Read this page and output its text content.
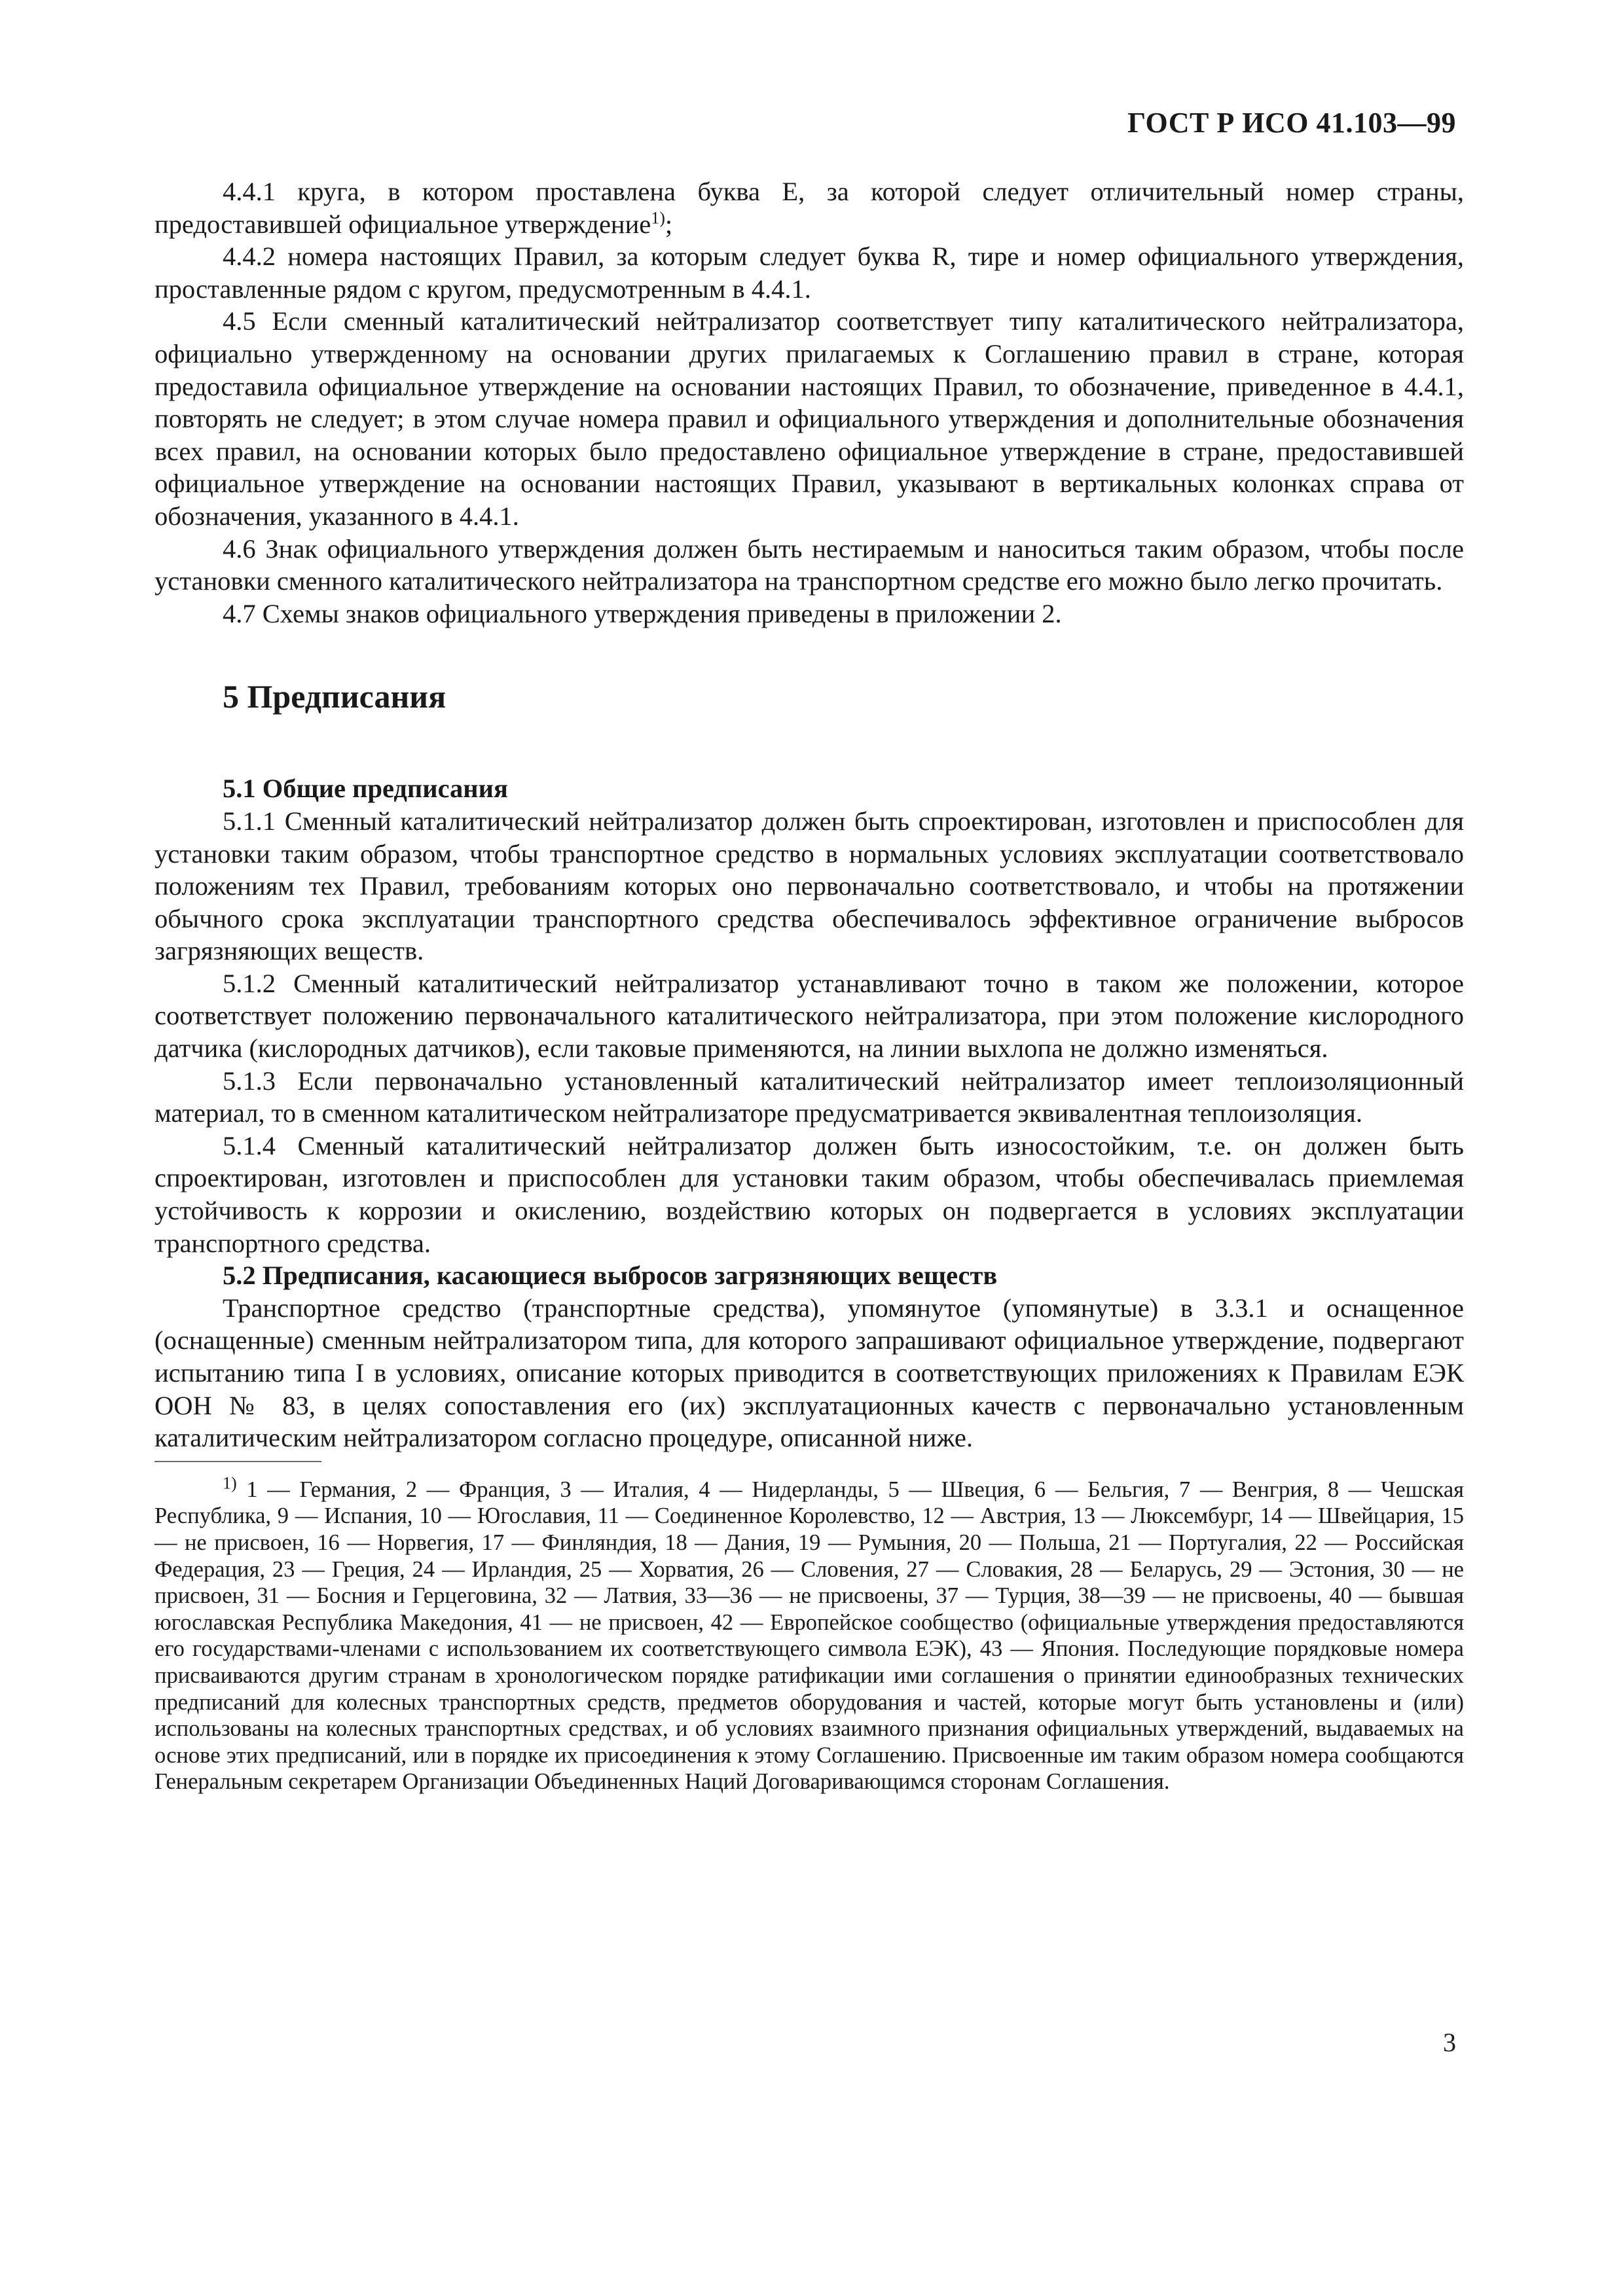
ГОСТ Р ИСО 41.103—99

4.4.1 круга, в котором проставлена буква Е, за которой следует отличительный номер страны, предоставившей официальное утверждение$^{1)}$;

4.4.2 номера настоящих Правил, за которым следует буква R, тире и номер официального утверждения, проставленные рядом с кругом, предусмотренным в 4.4.1.

4.5 Если сменный каталитический нейтрализатор соответствует типу каталитического нейтрализатора, официально утвержденному на основании других прилагаемых к Соглашению правил в стране, которая предоставила официальное утверждение на основании настоящих Правил, то обозначение, приведенное в 4.4.1, повторять не следует; в этом случае номера правил и официального утверждения и дополнительные обозначения всех правил, на основании которых было предоставлено официальное утверждение в стране, предоставившей официальное утверждение на основании настоящих Правил, указывают в вертикальных колонках справа от обозначения, указанного в 4.4.1.

4.6 Знак официального утверждения должен быть нестираемым и наноситься таким образом, чтобы после установки сменного каталитического нейтрализатора на транспортном средстве его можно было легко прочитать.

4.7 Схемы знаков официального утверждения приведены в приложении 2.

5 Предписания
5.1 Общие предписания

5.1.1 Сменный каталитический нейтрализатор должен быть спроектирован, изготовлен и приспособлен для установки таким образом, чтобы транспортное средство в нормальных условиях эксплуатации соответствовало положениям тех Правил, требованиям которых оно первоначально соответствовало, и чтобы на протяжении обычного срока эксплуатации транспортного средства обеспечивалось эффективное ограничение выбросов загрязняющих веществ.

5.1.2 Сменный каталитический нейтрализатор устанавливают точно в таком же положении, которое соответствует положению первоначального каталитического нейтрализатора, при этом положение кислородного датчика (кислородных датчиков), если таковые применяются, на линии выхлопа не должно изменяться.

5.1.3 Если первоначально установленный каталитический нейтрализатор имеет теплоизоляционный материал, то в сменном каталитическом нейтрализаторе предусматривается эквивалентная теплоизоляция.

5.1.4 Сменный каталитический нейтрализатор должен быть износостойким, т.е. он должен быть спроектирован, изготовлен и приспособлен для установки таким образом, чтобы обеспечивалась приемлемая устойчивость к коррозии и окислению, воздействию которых он подвергается в условиях эксплуатации транспортного средства.

5.2 Предписания, касающиеся выбросов загрязняющих веществ

Транспортное средство (транспортные средства), упомянутое (упомянутые) в 3.3.1 и оснащенное (оснащенные) сменным нейтрализатором типа, для которого запрашивают официальное утверждение, подвергают испытанию типа I в условиях, описание которых приводится в соответствующих приложениях к Правилам ЕЭК ООН № 83, в целях сопоставления его (их) эксплуатационных качеств с первоначально установленным каталитическим нейтрализатором согласно процедуре, описанной ниже.

$^{1)}$ 1 — Германия, 2 — Франция, 3 — Италия, 4 — Нидерланды, 5 — Швеция, 6 — Бельгия, 7 — Венгрия, 8 — Чешская Республика, 9 — Испания, 10 — Югославия, 11 — Соединенное Королевство, 12 — Австрия, 13 — Люксембург, 14 — Швейцария, 15 — не присвоен, 16 — Норвегия, 17 — Финляндия, 18 — Дания, 19 — Румыния, 20 — Польша, 21 — Португалия, 22 — Российская Федерация, 23 — Греция, 24 — Ирландия, 25 — Хорватия, 26 — Словения, 27 — Словакия, 28 — Беларусь, 29 — Эстония, 30 — не присвоен, 31 — Босния и Герцеговина, 32 — Латвия, 33—36 — не присвоены, 37 — Турция, 38—39 — не присвоены, 40 — бывшая югославская Республика Македония, 41 — не присвоен, 42 — Европейское сообщество (официальные утверждения предоставляются его государствами-членами с использованием их соответствующего символа ЕЭК), 43 — Япония. Последующие порядковые номера присваиваются другим странам в хронологическом порядке ратификации ими соглашения о принятии единообразных технических предписаний для колесных транспортных средств, предметов оборудования и частей, которые могут быть установлены и (или) использованы на колесных транспортных средствах, и об условиях взаимного признания официальных утверждений, выдаваемых на основе этих предписаний, или в порядке их присоединения к этому Соглашению. Присвоенные им таким образом номера сообщаются Генеральным секретарем Организации Объединенных Наций Договаривающимся сторонам Соглашения.
3
